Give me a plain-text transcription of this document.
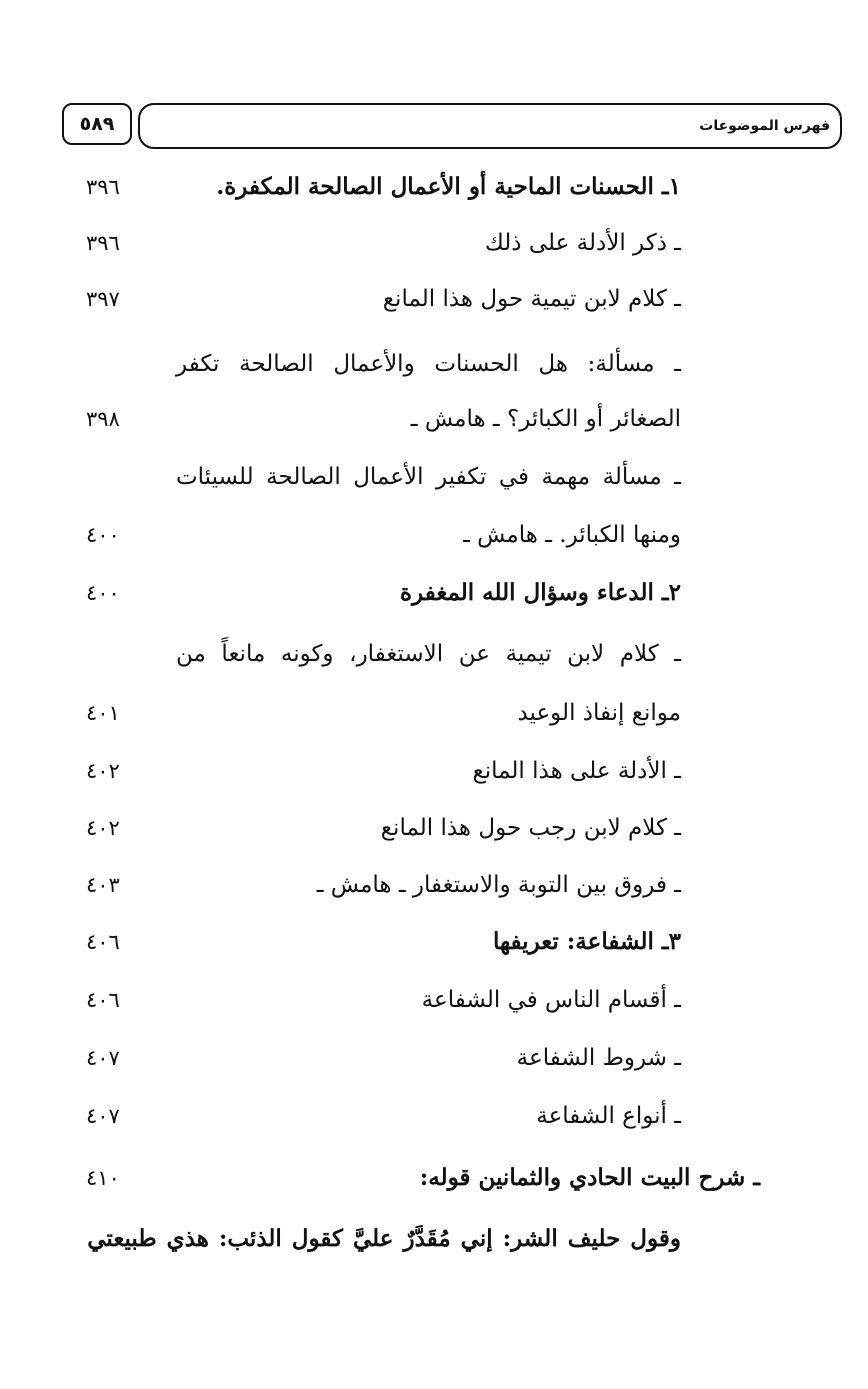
٥٨٩	فهرس الموضوعات
١ـ الحسنات الماحية أو الأعمال الصالحة المكفرة.
٣٩٦
ـ ذكر الأدلة على ذلك
٣٩٦
ـ كلام لابن تيمية حول هذا المانع
٣٩٧
ـ مسألة: هل الحسنات والأعمال الصالحة تكفر
الصغائر أو الكبائر؟ ـ هامش ـ
٣٩٨
ـ مسألة مهمة في تكفير الأعمال الصالحة للسيئات
ومنها الكبائر. ـ هامش ـ
٤٠٠
٢ـ الدعاء وسؤال الله المغفرة
٤٠٠
ـ كلام لابن تيمية عن الاستغفار، وكونه مانعاً من
موانع إنفاذ الوعيد
٤٠١
ـ الأدلة على هذا المانع
٤٠٢
ـ كلام لابن رجب حول هذا المانع
٤٠٢
ـ فروق بين التوبة والاستغفار ـ هامش ـ
٤٠٣
٣ـ الشفاعة: تعريفها
٤٠٦
ـ أقسام الناس في الشفاعة
٤٠٦
ـ شروط الشفاعة
٤٠٧
ـ أنواع الشفاعة
٤٠٧
ـ شرح البيت الحادي والثمانين قوله:
٤١٠
وقول حليف الشر: إني مُقَدَّرٌ عليَّ كقول الذئب: هذي طبيعتي
